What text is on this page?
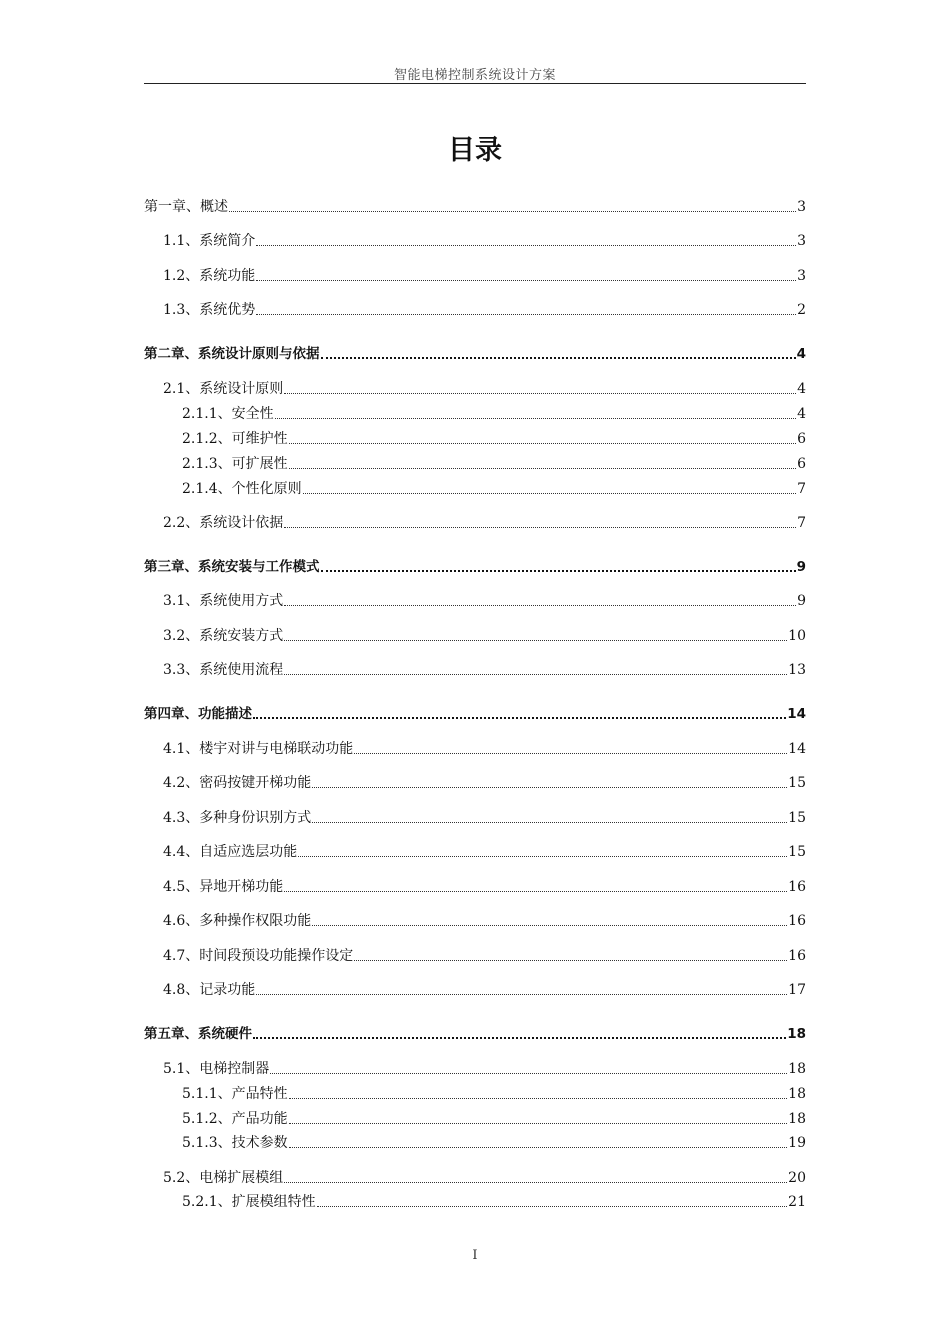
智能电梯控制系统设计方案
目录
第一章、概述	3
1.1、系统简介	3
1.2、系统功能	3
1.3、系统优势	2
第二章、系统设计原则与依据	4
2.1、系统设计原则	4
2.1.1、安全性	4
2.1.2、可维护性	6
2.1.3、可扩展性	6
2.1.4、个性化原则	7
2.2、系统设计依据	7
第三章、系统安装与工作模式	9
3.1、系统使用方式	9
3.2、系统安装方式	10
3.3、系统使用流程	13
第四章、功能描述	14
4.1、楼宇对讲与电梯联动功能	14
4.2、密码按键开梯功能	15
4.3、多种身份识别方式	15
4.4、自适应选层功能	15
4.5、异地开梯功能	16
4.6、多种操作权限功能	16
4.7、时间段预设功能操作设定	16
4.8、记录功能	17
第五章、系统硬件	18
5.1、电梯控制器	18
5.1.1、产品特性	18
5.1.2、产品功能	18
5.1.3、技术参数	19
5.2、电梯扩展模组	20
5.2.1、扩展模组特性	21
I
